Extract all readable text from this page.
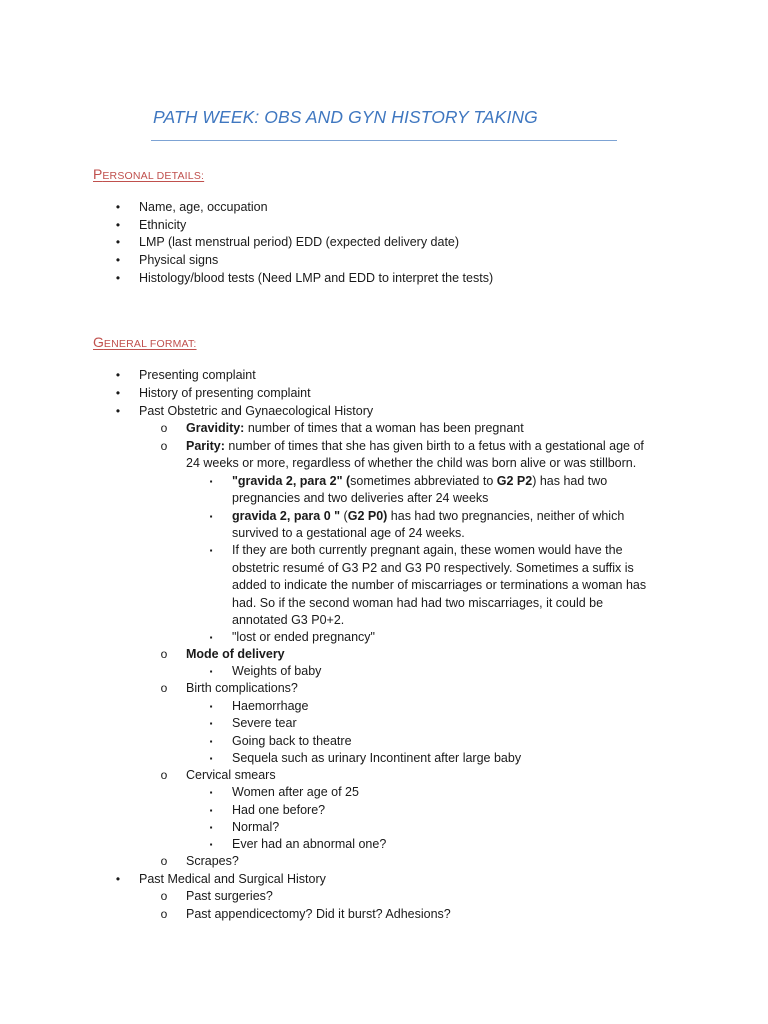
PATH WEEK: OBS AND GYN HISTORY TAKING
PERSONAL DETAILS:
•	Name, age, occupation
•	Ethnicity
•	LMP (last menstrual period) EDD (expected delivery date)
•	Physical signs
•	Histology/blood tests (Need LMP and EDD to interpret the tests)
GENERAL FORMAT:
•	Presenting complaint
•	History of presenting complaint
•	Past Obstetric and Gynaecological History
o Gravidity: number of times that a woman has been pregnant
o Parity: number of times that she has given birth to a fetus with a gestational age of
24 weeks or more, regardless of whether the child was born alive or was stillborn.
▪	"gravida 2, para 2" (sometimes abbreviated to G2 P2) has had two
pregnancies and two deliveries after 24 weeks
▪	gravida 2, para 0 " (G2 P0) has had two pregnancies, neither of which
survived to a gestational age of 24 weeks.
▪	If they are both currently pregnant again, these women would have the
obstetric resumé of G3 P2 and G3 P0 respectively. Sometimes a suffix is
added to indicate the number of miscarriages or terminations a woman has
had. So if the second woman had had two miscarriages, it could be
annotated G3 P0+2.
▪	"lost or ended pregnancy"
o Mode of delivery
▪	Weights of baby
o Birth complications?
▪	Haemorrhage
▪	Severe tear
▪	Going back to theatre
▪	Sequela such as urinary Incontinent after large baby
o Cervical smears
▪	Women after age of 25
▪	Had one before?
▪	Normal?
▪	Ever had an abnormal one?
o Scrapes?
•	Past Medical and Surgical History
o Past surgeries?
o Past appendicectomy? Did it burst? Adhesions?
